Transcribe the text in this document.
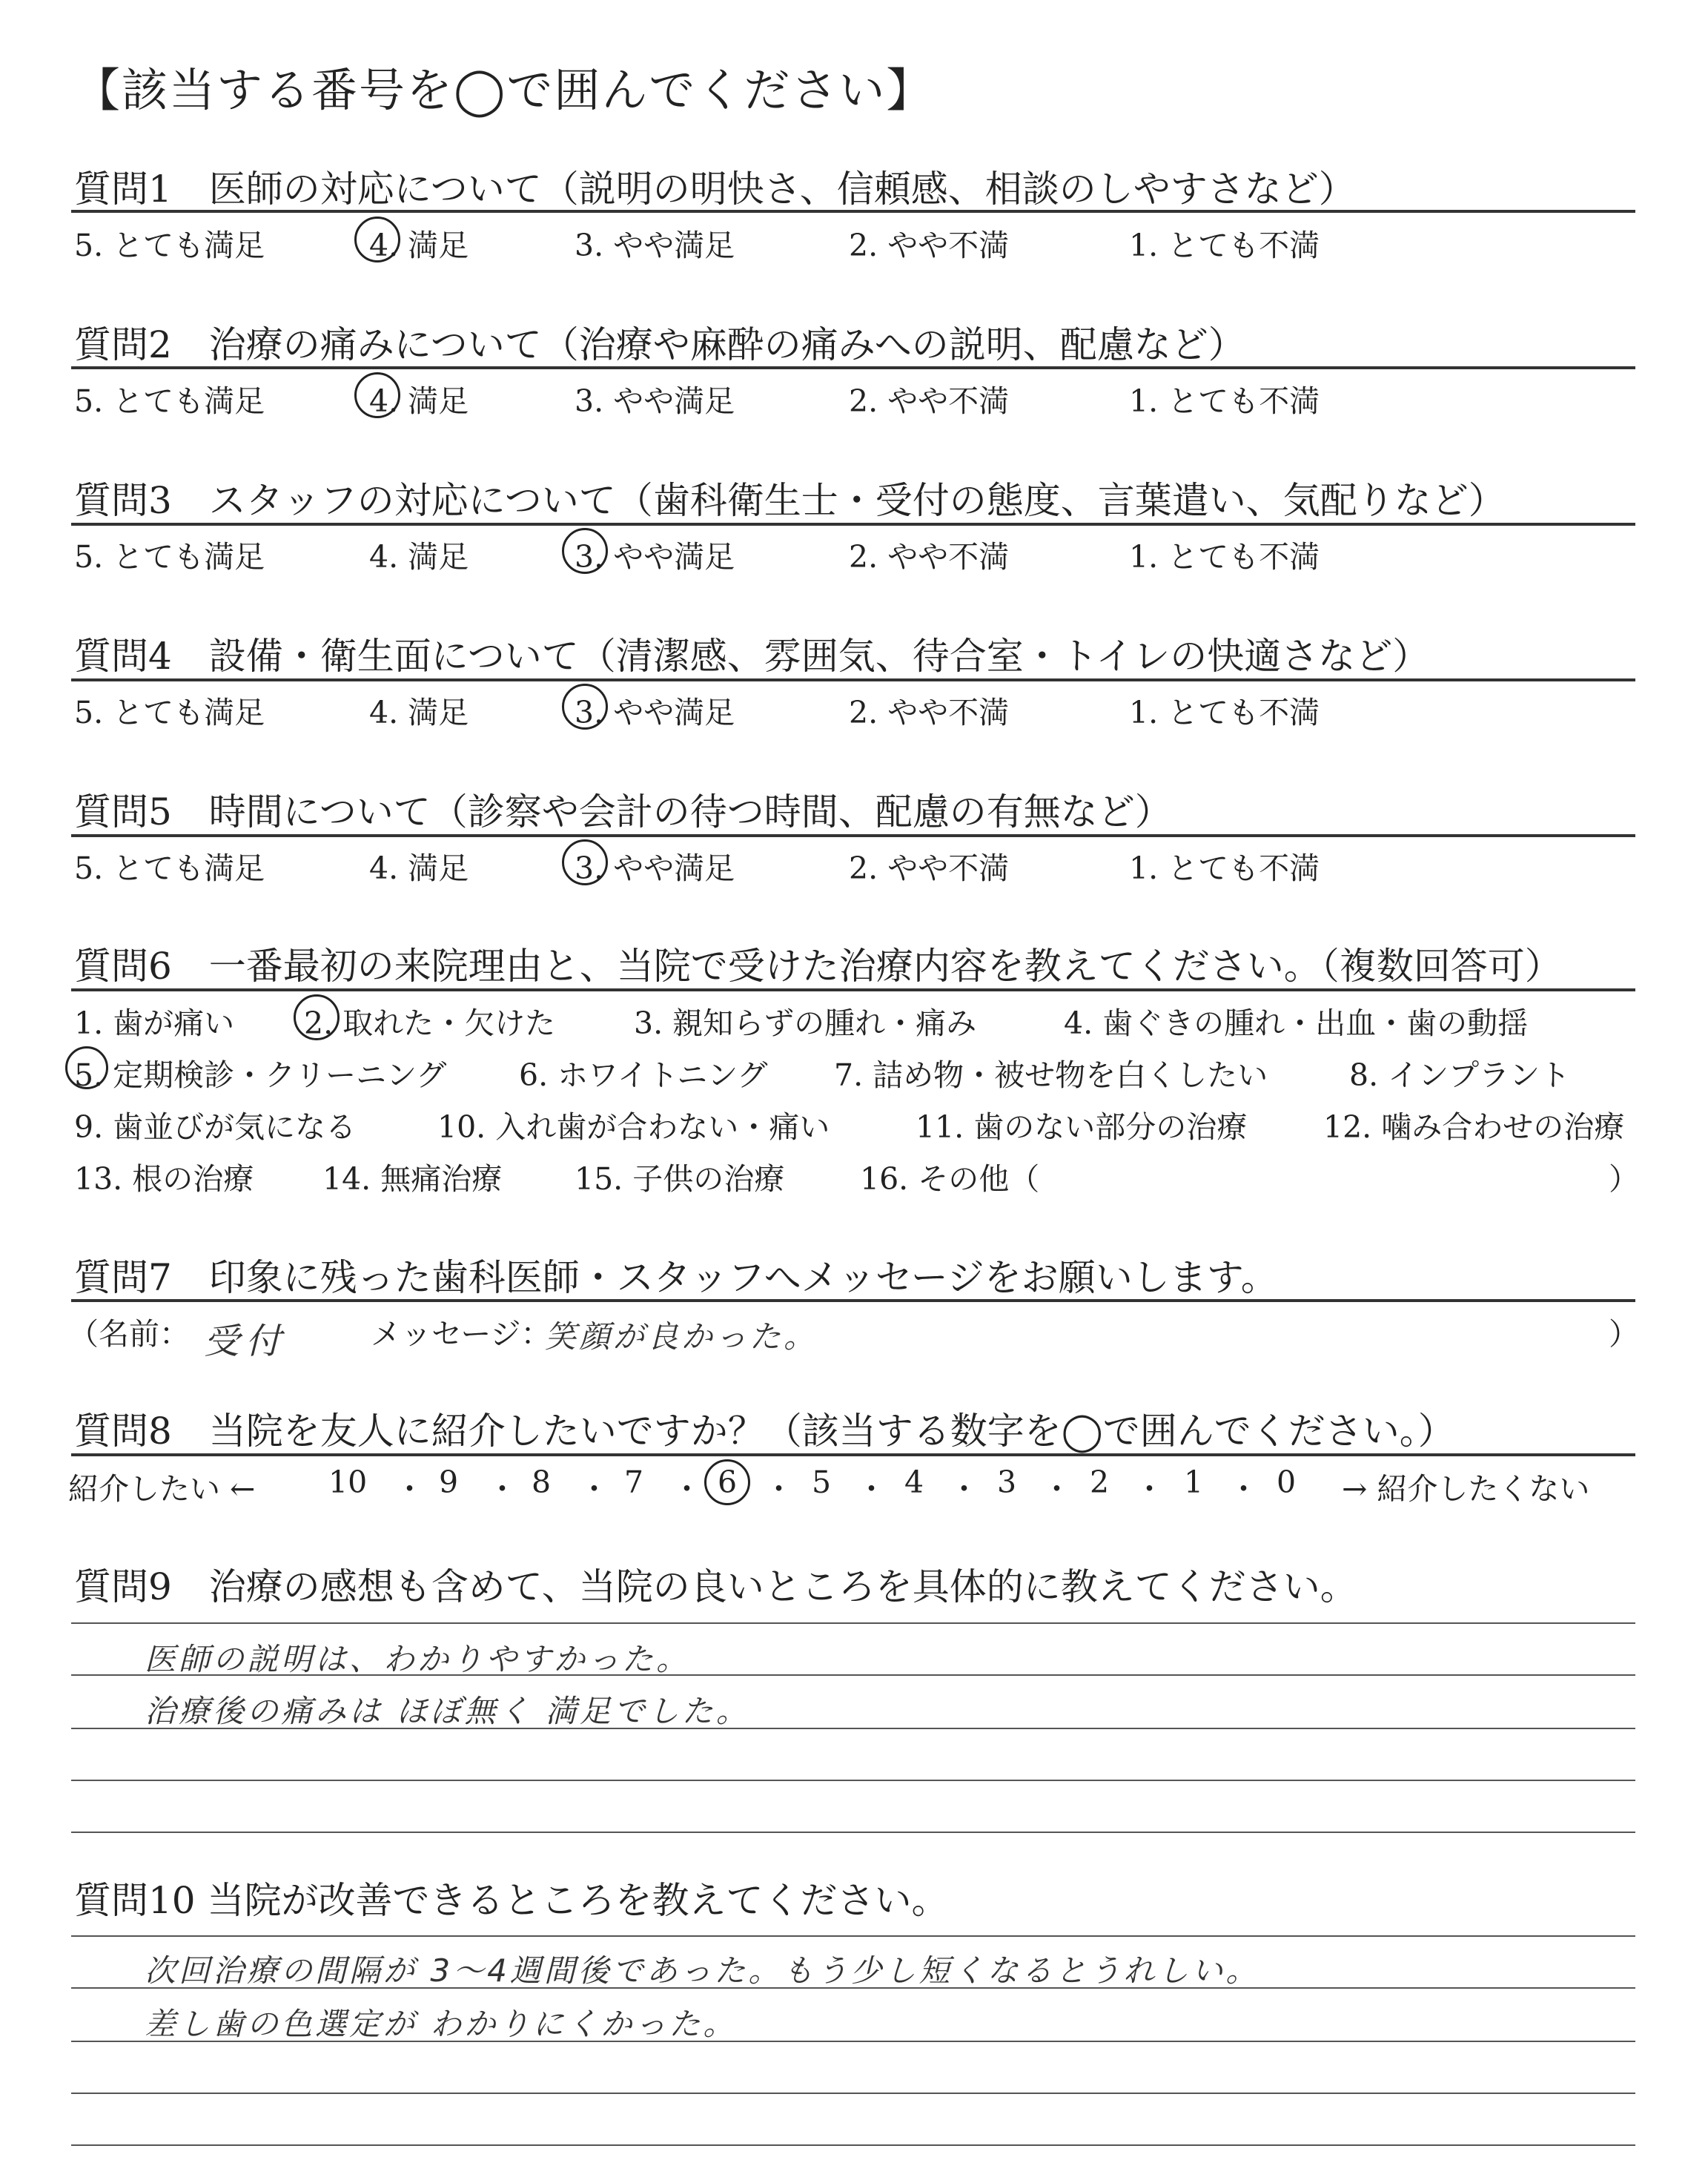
【該当する番号を◯で囲んでください】
質問1　医師の対応について（説明の明快さ、信頼感、相談のしやすさなど）
5. とても満足	4. 満足	3. やや満足	2. やや不満	1. とても不満
質問2　治療の痛みについて（治療や麻酔の痛みへの説明、配慮など）
5. とても満足	4. 満足	3. やや満足	2. やや不満	1. とても不満
質問3　スタッフの対応について（歯科衛生士・受付の態度、言葉遣い、気配りなど）
5. とても満足	4. 満足	3. やや満足	2. やや不満	1. とても不満
質問4　設備・衛生面について（清潔感、雰囲気、待合室・トイレの快適さなど）
5. とても満足	4. 満足	3. やや満足	2. やや不満	1. とても不満
質問5　時間について（診察や会計の待つ時間、配慮の有無など）
5. とても満足	4. 満足	3. やや満足	2. やや不満	1. とても不満
質問6　一番最初の来院理由と、当院で受けた治療内容を教えてください。（複数回答可）
1. 歯が痛い 2. 取れた・欠けた	3. 親知らずの腫れ・痛み	4. 歯ぐきの腫れ・出血・歯の動揺
5. 定期検診・クリーニング 6. ホワイトニング 7. 詰め物・被せ物を白くしたい	8. インプラント
9. 歯並びが気になる	10. 入れ歯が合わない・痛い	11. 歯のない部分の治療	12. 噛み合わせの治療
13. 根の治療 14. 無痛治療 15. 子供の治療 16. その他（	）
質問7　印象に残った歯科医師・スタッフへメッセージをお願いします。
（名前： 受付	メッセージ：
笑顔が良かった。	）
質問8　当院を友人に紹介したいですか？（該当する数字を◯で囲んでください。）
紹介したい ← 10 ・ 9 ・ 8 ・ 7 ・ 6 ・ 5 ・ 4 ・ 3 ・ 2 ・ 1 ・ 0 → 紹介したくない
質問9　治療の感想も含めて、当院の良いところを具体的に教えてください。
医師の説明は、わかりやすかった。
治療後の痛みは ほぼ無く 満足でした。
質問10 当院が改善できるところを教えてください。
次回治療の間隔が 3〜4週間後であった。もう少し短くなるとうれしい。
差し歯の色選定が わかりにくかった。
